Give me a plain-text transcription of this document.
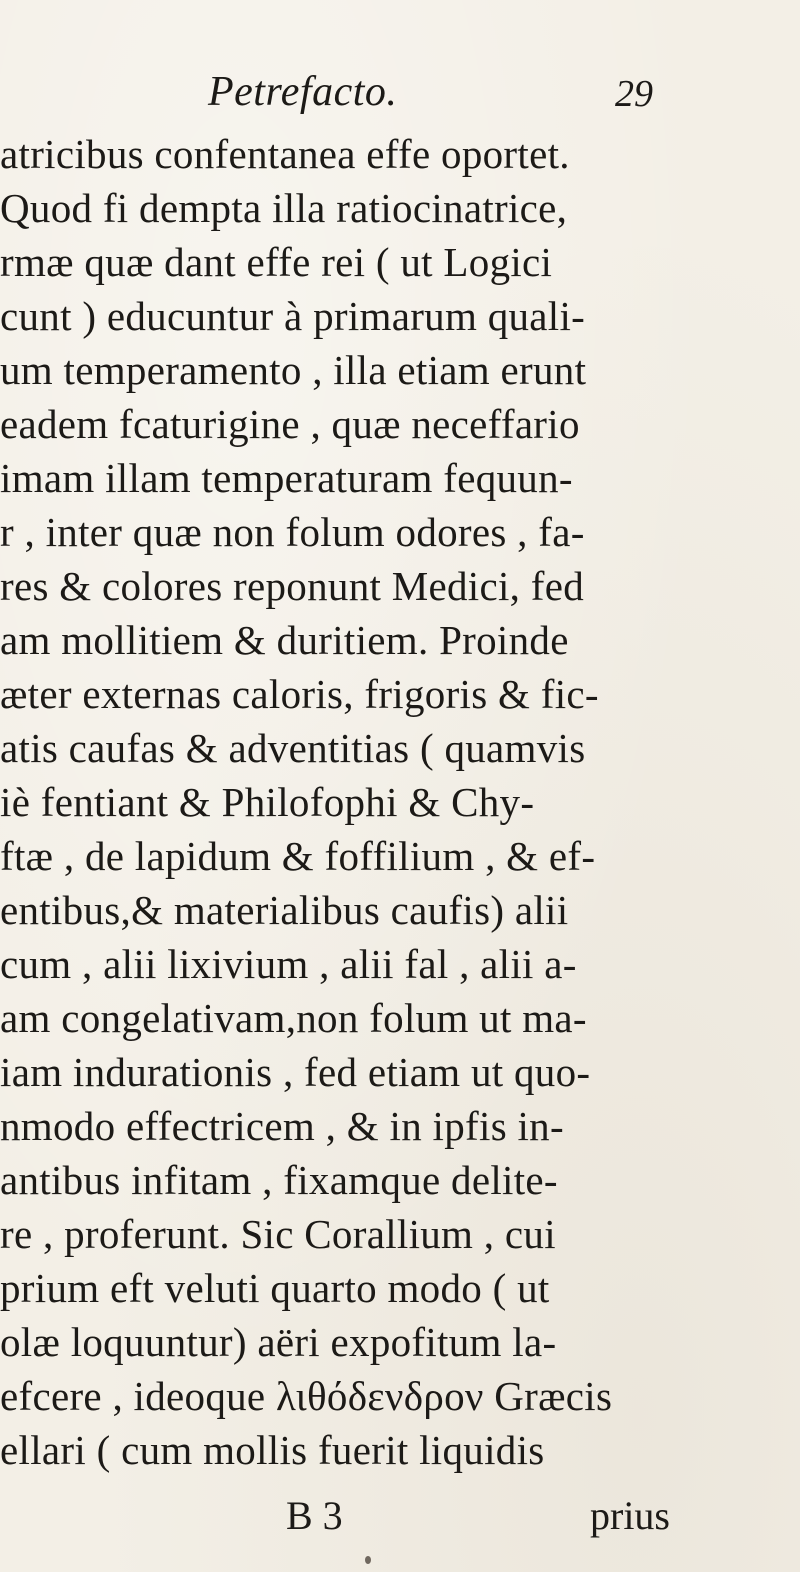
Petrefaсtо.	29
atricibus confentanea effe oportet.
Quod fi dempta illa ratiocinatrice,
rmæ quæ dant effe rei ( ut Logici
cunt ) educuntur à primarum quali-
um temperamento , illa etiam erunt
eadem fcaturigine , quæ neceffario
imam illam temperaturam fequun-
r , inter quæ non folum odores , fa-
res & colores reponunt Medici, fed
am mollitiem & duritiem. Proinde
æter externas caloris, frigoris & fic-
atis caufas & adventitias ( quamvis
iè fentiant & Philofophi & Chy-
ftæ , de lapidum & foffilium , & ef-
entibus,& materialibus caufis) alii
cum , alii lixivium , alii fal , alii a-
am congelativam,non folum ut ma-
iam indurationis , fed etiam ut quo-
nmodo effectricem , & in ipfis in-
antibus infitam , fixamque delite-
re , proferunt. Sic Corallium , cui
prium eft veluti quarto modo ( ut
olæ loquuntur) aëri expofitum la-
efcere , ideoque λιθόδενδρον Græcis
ellari ( cum mollis fuerit liquidis
B 3	prius
